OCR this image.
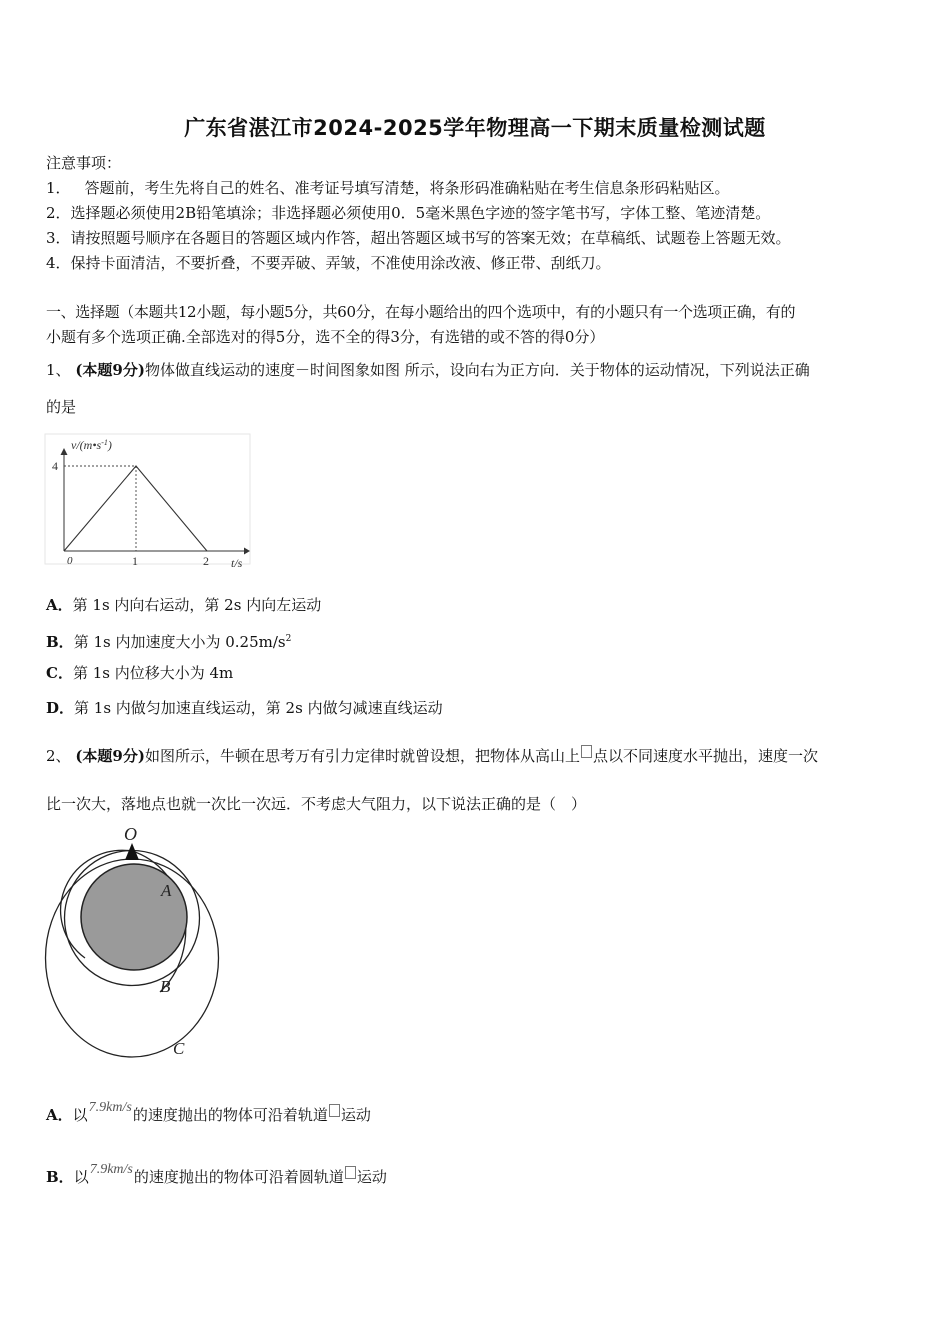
广东省湛江市2024-2025学年物理高一下期末质量检测试题
注意事项：
1． 答题前，考生先将自己的姓名、准考证号填写清楚，将条形码准确粘贴在考生信息条形码粘贴区。
2．选择题必须使用2B铅笔填涂；非选择题必须使用0．5毫米黑色字迹的签字笔书写，字体工整、笔迹清楚。
3．请按照题号顺序在各题目的答题区域内作答，超出答题区域书写的答案无效；在草稿纸、试题卷上答题无效。
4．保持卡面清洁，不要折叠，不要弄破、弄皱，不准使用涂改液、修正带、刮纸刀。
一、选择题（本题共12小题，每小题5分，共60分，在每小题给出的四个选项中，有的小题只有一个选项正确，有的
小题有多个选项正确.全部选对的得5分，选不全的得3分，有选错的或不答的得0分）
1、 (本题9分)物体做直线运动的速度－时间图象如图 所示，设向右为正方向．关于物体的运动情况，下列说法正确
的是
$v/(m•s^{-1})$
4
0	1	2 t/s
A．第 1s 内向右运动，第 2s 内向左运动
B．第 1s 内加速度大小为 $0.25m/s^2$
C．第 1s 内位移大小为 4m
D．第 1s 内做匀加速直线运动，第 2s 内做匀减速直线运动
2、 (本题9分)如图所示，牛顿在思考万有引力定律时就曾设想，把物体从高山上 点以不同速度水平抛出，速度一次
比一次大，落地点也就一次比一次远．不考虑大气阻力，以下说法正确的是（　）
O
A
B
C
A．以7.9km/s的速度抛出的物体可沿着轨道 运动
B．以7.9km/s的速度抛出的物体可沿着圆轨道 运动
